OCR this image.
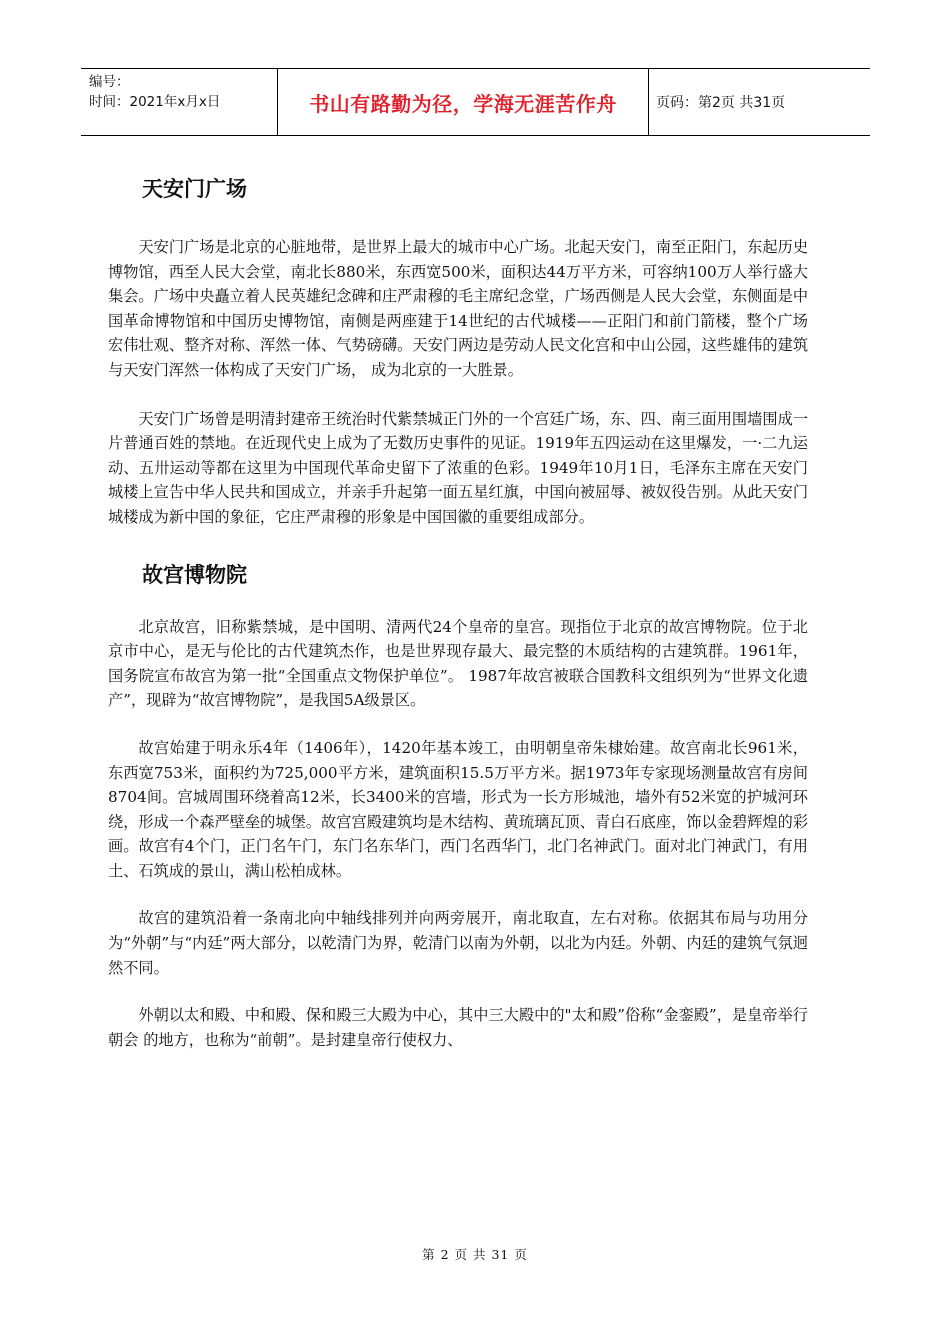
编号：
时间：2021年x月x日	书山有路勤为径，学海无涯苦作舟	页码：第2页 共31页
天安门广场

天安门广场是北京的心脏地带，是世界上最大的城市中心广场。北起天安门，南至正阳门，东起历史博物馆，西至人民大会堂，南北长880米，东西宽500米，面积达44万平方米，可容纳100万人举行盛大集会。广场中央矗立着人民英雄纪念碑和庄严肃穆的毛主席纪念堂，广场西侧是人民大会堂，东侧面是中国革命博物馆和中国历史博物馆，南侧是两座建于14世纪的古代城楼——正阳门和前门箭楼，整个广场宏伟壮观、整齐对称、浑然一体、气势磅礴。天安门两边是劳动人民文化宫和中山公园，这些雄伟的建筑与天安门浑然一体构成了天安门广场， 成为北京的一大胜景。

天安门广场曾是明清封建帝王统治时代紫禁城正门外的一个宫廷广场，东、四、南三面用围墙围成一片普通百姓的禁地。在近现代史上成为了无数历史事件的见证。1919年五四运动在这里爆发，一·二九运动、五卅运动等都在这里为中国现代革命史留下了浓重的色彩。1949年10月1日，毛泽东主席在天安门城楼上宣告中华人民共和国成立，并亲手升起第一面五星红旗，中国向被屈辱、被奴役告别。从此天安门城楼成为新中国的象征，它庄严肃穆的形象是中国国徽的重要组成部分。

故宫博物院

北京故宫，旧称紫禁城，是中国明、清两代24个皇帝的皇宫。现指位于北京的故宫博物院。位于北京市中心，是无与伦比的古代建筑杰作，也是世界现存最大、最完整的木质结构的古建筑群。1961年，国务院宣布故宫为第一批“全国重点文物保护单位”。 1987年故宫被联合国教科文组织列为“世界文化遗产”，现辟为“故宫博物院”，是我国5A级景区。

故宫始建于明永乐4年（1406年），1420年基本竣工，由明朝皇帝朱棣始建。故宫南北长961米，东西宽753米，面积约为725,000平方米，建筑面积15.5万平方米。据1973年专家现场测量故宫有房间8704间。宫城周围环绕着高12米，长3400米的宫墙，形式为一长方形城池，墙外有52米宽的护城河环绕，形成一个森严壁垒的城堡。故宫宫殿建筑均是木结构、黄琉璃瓦顶、青白石底座，饰以金碧辉煌的彩画。故宫有4个门，正门名午门，东门名东华门，西门名西华门，北门名神武门。面对北门神武门，有用土、石筑成的景山，满山松柏成林。

故宫的建筑沿着一条南北向中轴线排列并向两旁展开，南北取直，左右对称。依据其布局与功用分为“外朝”与“内廷”两大部分，以乾清门为界，乾清门以南为外朝，以北为内廷。外朝、内廷的建筑气氛迥然不同。

外朝以太和殿、中和殿、保和殿三大殿为中心，其中三大殿中的"太和殿”俗称“金銮殿”，是皇帝举行朝会 的地方，也称为“前朝”。是封建皇帝行使权力、

第 2 页 共 31 页
